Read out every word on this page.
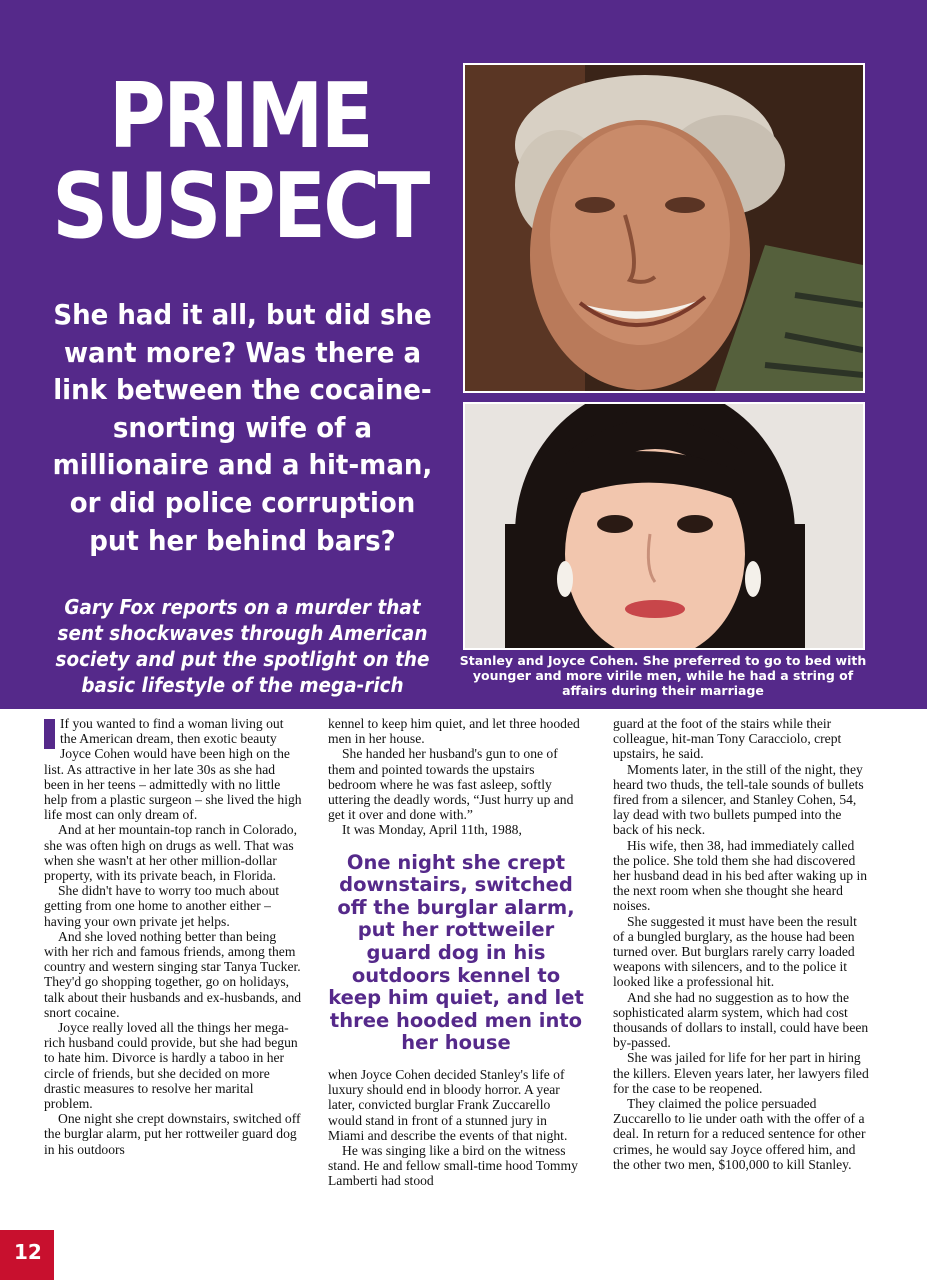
PRIME
SUSPECT

She had it all, but did she want more? Was there a link between the cocaine-snorting wife of a millionaire and a hit-man, or did police corruption put her behind bars?

Gary Fox reports on a murder that sent shockwaves through American society and put the spotlight on the basic lifestyle of the mega-rich

Stanley and Joyce Cohen. She preferred to go to bed with younger and more virile men, while he had a string of affairs during their marriage

If you wanted to find a woman living out the American dream, then exotic beauty Joyce Cohen would have been high on the list. As attractive in her late 30s as she had been in her teens – admittedly with no little help from a plastic surgeon – she lived the high life most can only dream of.

And at her mountain-top ranch in Colorado, she was often high on drugs as well. That was when she wasn't at her other million-dollar property, with its private beach, in Florida.

She didn't have to worry too much about getting from one home to another either – having your own private jet helps.

And she loved nothing better than being with her rich and famous friends, among them country and western singing star Tanya Tucker. They'd go shopping together, go on holidays, talk about their husbands and ex-husbands, and snort cocaine.

Joyce really loved all the things her mega-rich husband could provide, but she had begun to hate him. Divorce is hardly a taboo in her circle of friends, but she decided on more drastic measures to resolve her marital problem.

One night she crept downstairs, switched off the burglar alarm, put her rottweiler guard dog in his outdoors

kennel to keep him quiet, and let three hooded men in her house.

She handed her husband's gun to one of them and pointed towards the upstairs bedroom where he was fast asleep, softly uttering the deadly words, “Just hurry up and get it over and done with.”

It was Monday, April 11th, 1988,

One night she crept downstairs, switched off the burglar alarm, put her rottweiler guard dog in his outdoors kennel to keep him quiet, and let three hooded men into her house

when Joyce Cohen decided Stanley's life of luxury should end in bloody horror. A year later, convicted burglar Frank Zuccarello would stand in front of a stunned jury in Miami and describe the events of that night.

He was singing like a bird on the witness stand. He and fellow small-time hood Tommy Lamberti had stood

guard at the foot of the stairs while their colleague, hit-man Tony Caracciolo, crept upstairs, he said.

Moments later, in the still of the night, they heard two thuds, the tell-tale sounds of bullets fired from a silencer, and Stanley Cohen, 54, lay dead with two bullets pumped into the back of his neck.

His wife, then 38, had immediately called the police. She told them she had discovered her husband dead in his bed after waking up in the next room when she thought she heard noises.

She suggested it must have been the result of a bungled burglary, as the house had been turned over. But burglars rarely carry loaded weapons with silencers, and to the police it looked like a professional hit.

And she had no suggestion as to how the sophisticated alarm system, which had cost thousands of dollars to install, could have been by-passed.

She was jailed for life for her part in hiring the killers. Eleven years later, her lawyers filed for the case to be reopened.

They claimed the police persuaded Zuccarello to lie under oath with the offer of a deal. In return for a reduced sentence for other crimes, he would say Joyce offered him, and the other two men, $100,000 to kill Stanley.

12
